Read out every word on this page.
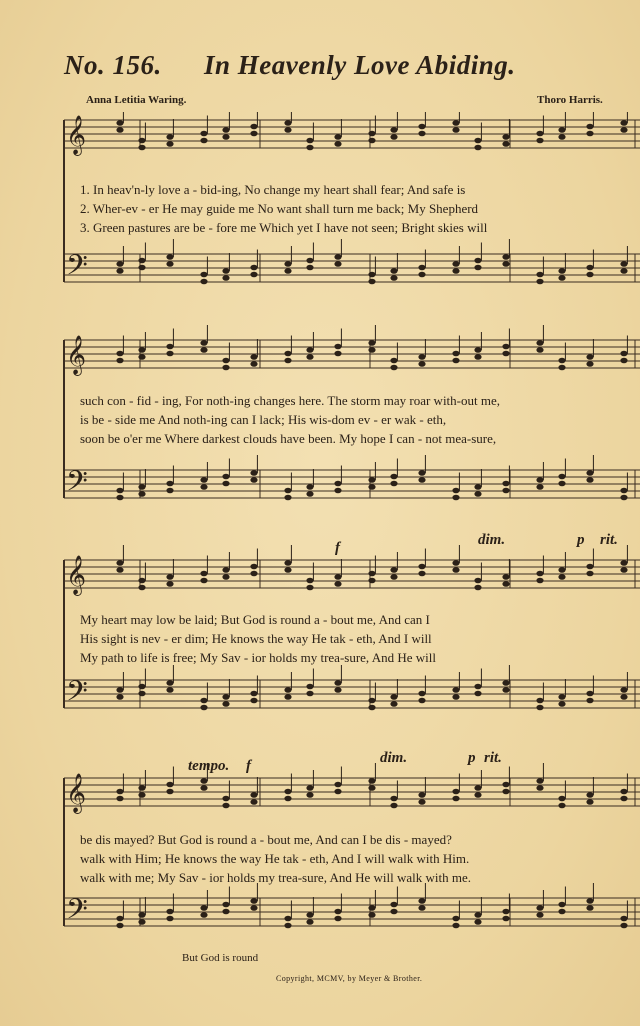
No. 156. In Heavenly Love Abiding.
Anna Letitia Waring.	Thoro Harris.
𝄞
𝄢
1. In heav'n-ly love a - bid-ing, No change my heart shall fear; And safe is
2. Wher-ev - er He may guide me No want shall turn me back; My Shepherd
3. Green pastures are be - fore me Which yet I have not seen; Bright skies will
𝄞
𝄢
such con - fid - ing, For noth-ing changes here. The storm may roar with-out me,
is be - side me And noth-ing can I lack; His wis-dom ev - er wak - eth,
soon be o'er me Where darkest clouds have been. My hope I can - not mea-sure,
𝄞
𝄢
f	dim.	p rit.
My heart may low be laid; But God is round a - bout me, And can I
His sight is nev - er dim; He knows the way He tak - eth, And I will
My path to life is free; My Sav - ior holds my trea-sure, And He will
𝄞
𝄢
tempo. f	dim.	p rit.
be dis mayed? But God is round a - bout me, And can I be dis - mayed?
walk with Him; He knows the way He tak - eth, And I will walk with Him.
walk with me; My Sav - ior holds my trea-sure, And He will walk with me.
But God is round
Copyright, MCMV, by Meyer & Brother.
